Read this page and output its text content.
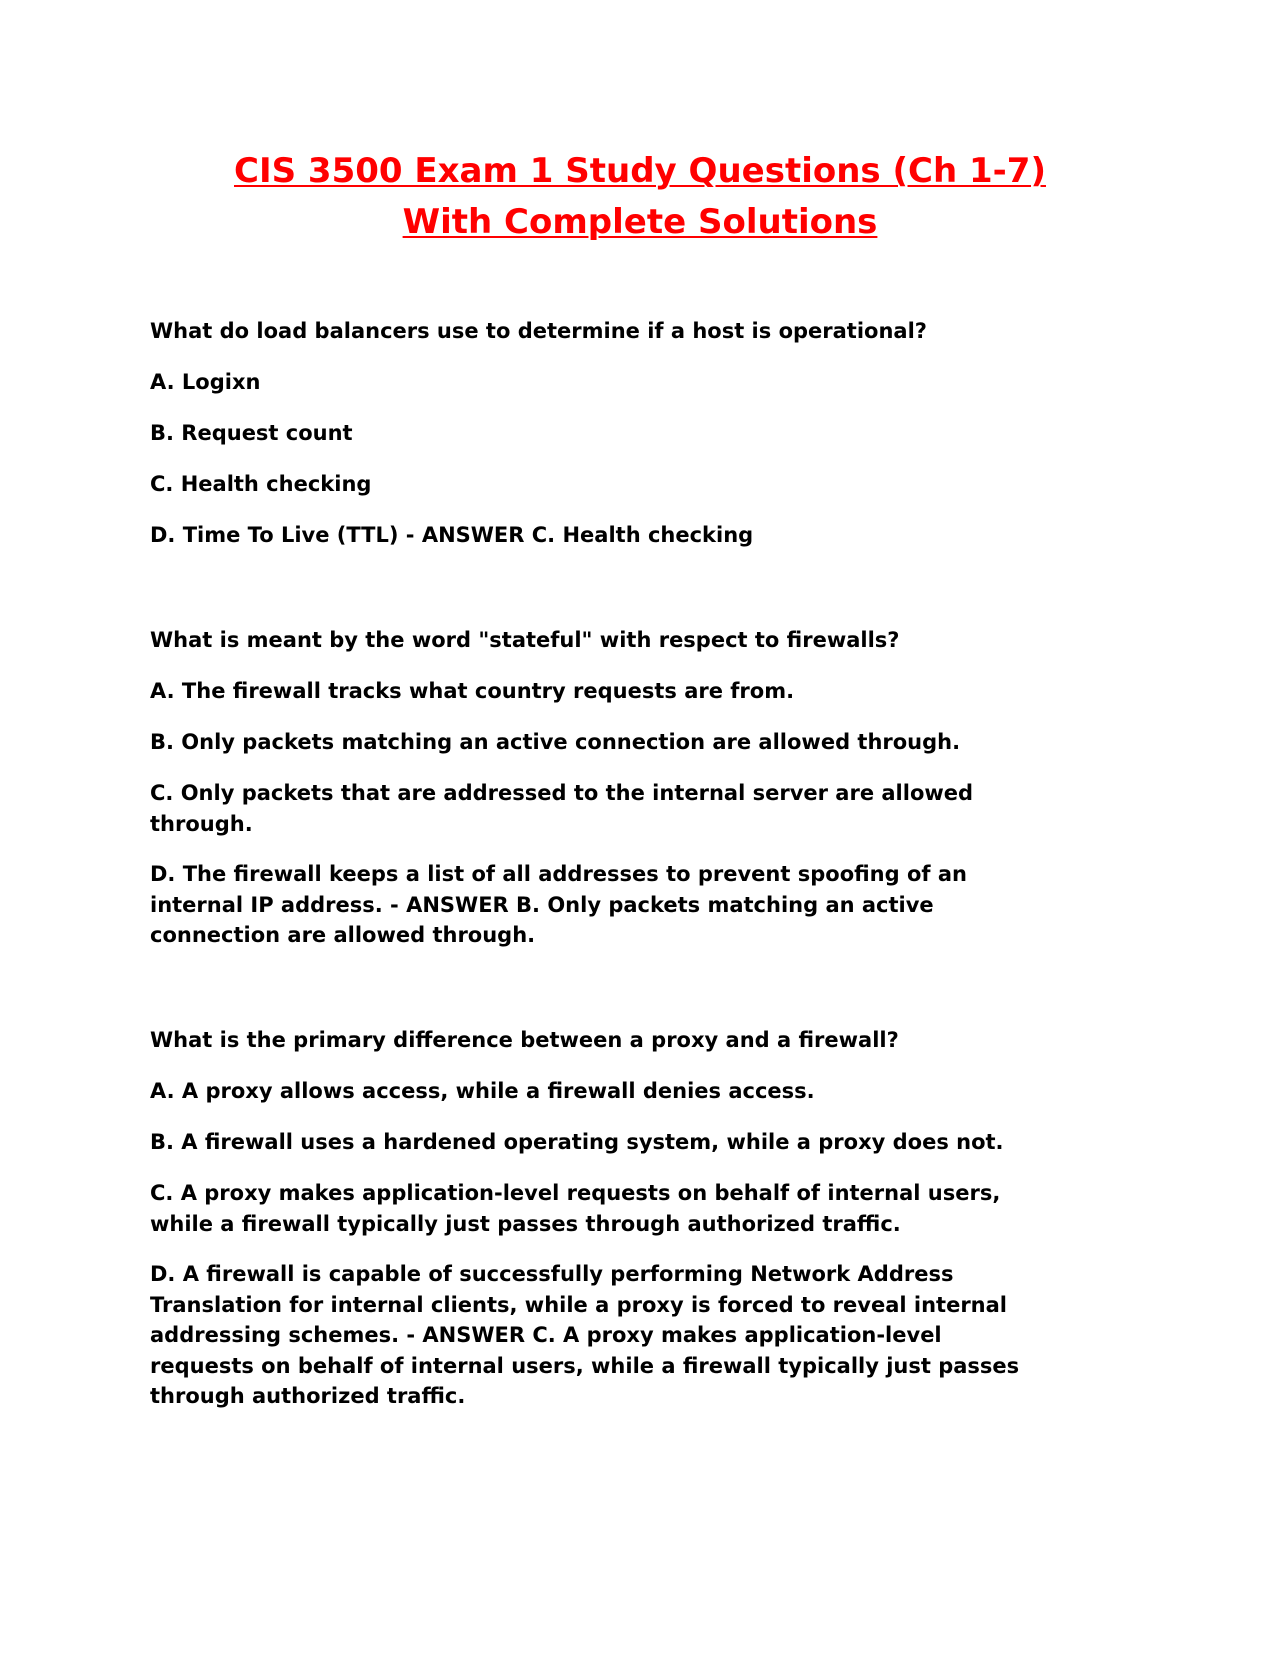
CIS 3500 Exam 1 Study Questions (Ch 1-7)
With Complete Solutions

What do load balancers use to determine if a host is operational?

A. Logixn

B. Request count

C. Health checking

D. Time To Live (TTL) - ANSWER C. Health checking

What is meant by the word "stateful" with respect to firewalls?

A. The firewall tracks what country requests are from.

B. Only packets matching an active connection are allowed through.

C. Only packets that are addressed to the internal server are allowed
through.

D. The firewall keeps a list of all addresses to prevent spoofing of an
internal IP address. - ANSWER B. Only packets matching an active
connection are allowed through.

What is the primary difference between a proxy and a firewall?

A. A proxy allows access, while a firewall denies access.

B. A firewall uses a hardened operating system, while a proxy does not.

C. A proxy makes application-level requests on behalf of internal users,
while a firewall typically just passes through authorized traffic.

D. A firewall is capable of successfully performing Network Address
Translation for internal clients, while a proxy is forced to reveal internal
addressing schemes. - ANSWER C. A proxy makes application-level
requests on behalf of internal users, while a firewall typically just passes
through authorized traffic.
